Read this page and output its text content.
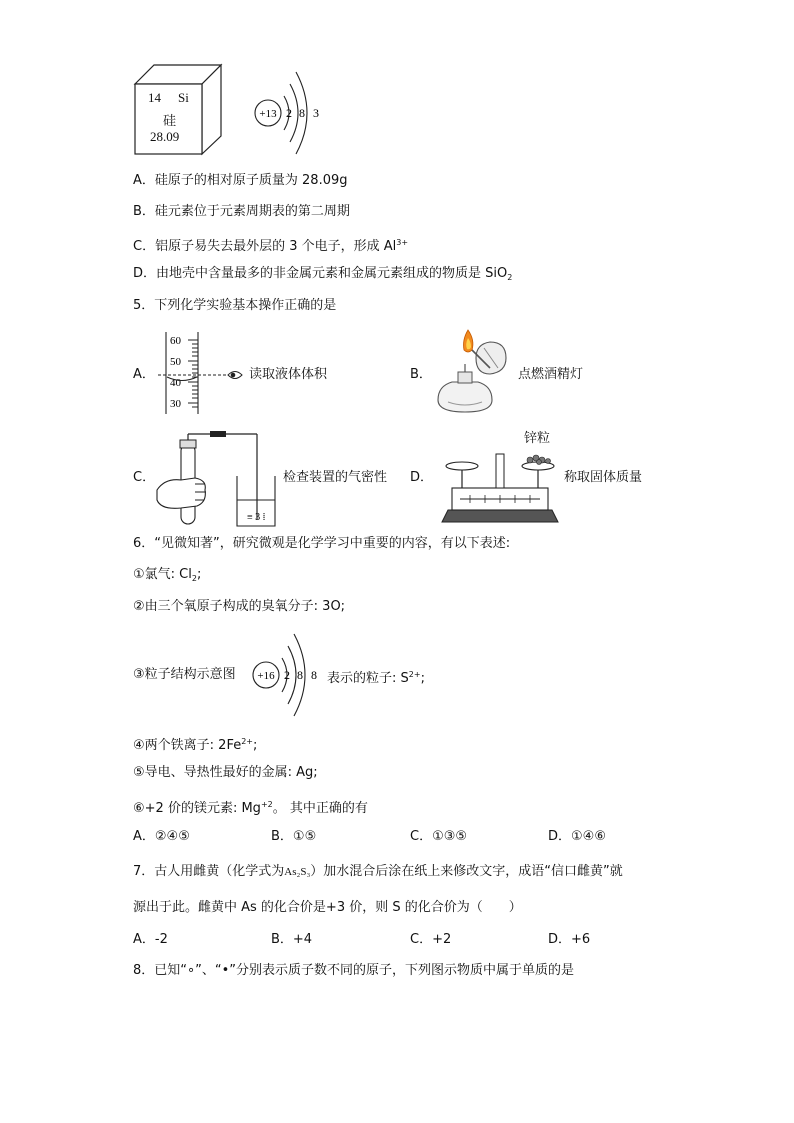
14 Si
硅
28.09
+13 2 8 3
A．硅原子的相对原子质量为 28.09g
B．硅元素位于元素周期表的第二周期
C．铝原子易失去最外层的 3 个电子，形成 $Al^{3+}$
D．由地壳中含量最多的非金属元素和金属元素组成的物质是 SiO$_2$
5．下列化学实验基本操作正确的是
A．
60
50
40
30
读取液体体积	B．	点燃酒精灯
C．
≡ 3 ⁞
检查装置的气密性 D．
锌粒
称取固体质量
6．“见微知著”，研究微观是化学学习中重要的内容，有以下表述:
①氯气: $Cl_2$;
②由三个氧原子构成的臭氧分子: 3O;
③粒子结构示意图 +16 2 8 8 表示的粒子: $S^{2+}$;
④两个铁离子: $2Fe^{2+}$;
⑤导电、导热性最好的金属: Ag;
⑥+2 价的镁元素: $Mg^{+2}$。 其中正确的有
A．②④⑤	B．①⑤	C．①③⑤	D．①④⑥
7．古人用雌黄（化学式为As₂S₃）加水混合后涂在纸上来修改文字，成语“信口雌黄”就
源出于此。雌黄中 As 的化合价是+3 价，则 S 的化合价为（　　）
A．-2	B．+4	C．+2	D．+6
8．已知“∘”、“•”分别表示质子数不同的原子，下列图示物质中属于单质的是
